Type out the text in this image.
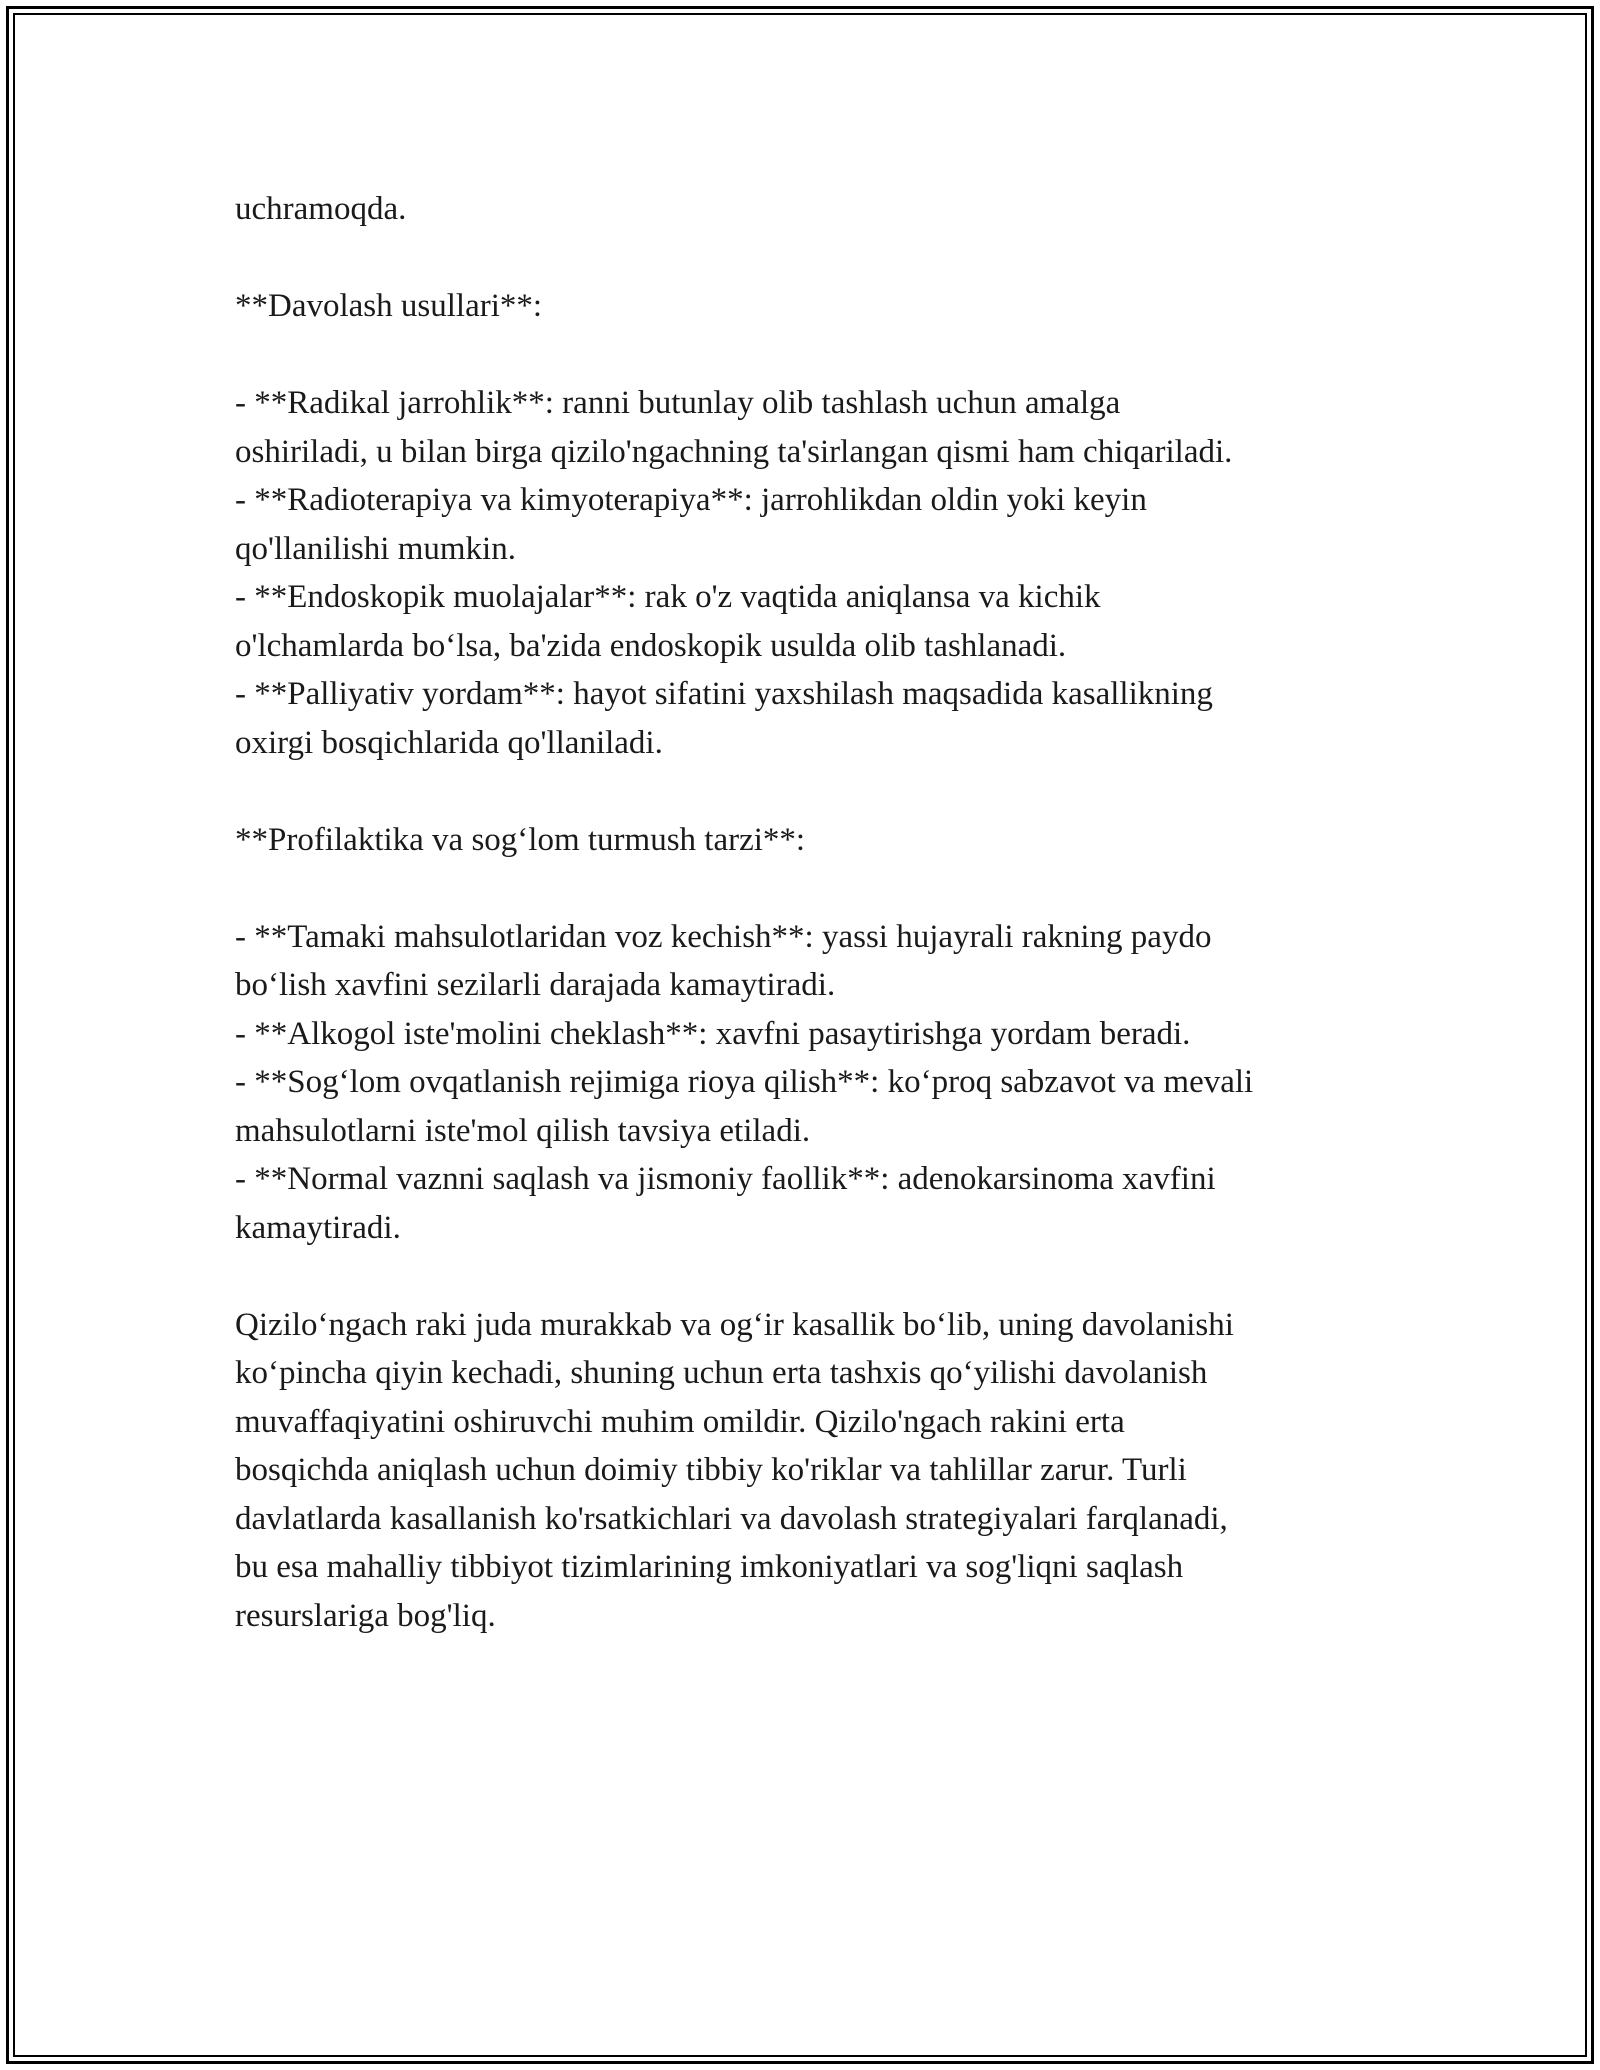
uchramoqda.
**Davolash usullari**:
- **Radikal jarrohlik**: ranni butunlay olib tashlash uchun amalga
oshiriladi, u bilan birga qizilo'ngachning ta'sirlangan qismi ham chiqariladi.
- **Radioterapiya va kimyoterapiya**: jarrohlikdan oldin yoki keyin
qo'llanilishi mumkin.
- **Endoskopik muolajalar**: rak o'z vaqtida aniqlansa va kichik
o'lchamlarda bo‘lsa, ba'zida endoskopik usulda olib tashlanadi.
- **Palliyativ yordam**: hayot sifatini yaxshilash maqsadida kasallikning
oxirgi bosqichlarida qo'llaniladi.
**Profilaktika va sog‘lom turmush tarzi**:
- **Tamaki mahsulotlaridan voz kechish**: yassi hujayrali rakning paydo
bo‘lish xavfini sezilarli darajada kamaytiradi.
- **Alkogol iste'molini cheklash**: xavfni pasaytirishga yordam beradi.
- **Sog‘lom ovqatlanish rejimiga rioya qilish**: ko‘proq sabzavot va mevali
mahsulotlarni iste'mol qilish tavsiya etiladi.
- **Normal vaznni saqlash va jismoniy faollik**: adenokarsinoma xavfini
kamaytiradi.
Qizilo‘ngach raki juda murakkab va og‘ir kasallik bo‘lib, uning davolanishi
ko‘pincha qiyin kechadi, shuning uchun erta tashxis qo‘yilishi davolanish
muvaffaqiyatini oshiruvchi muhim omildir. Qizilo'ngach rakini erta
bosqichda aniqlash uchun doimiy tibbiy ko'riklar va tahlillar zarur. Turli
davlatlarda kasallanish ko'rsatkichlari va davolash strategiyalari farqlanadi,
bu esa mahalliy tibbiyot tizimlarining imkoniyatlari va sog'liqni saqlash
resurslariga bog'liq.
